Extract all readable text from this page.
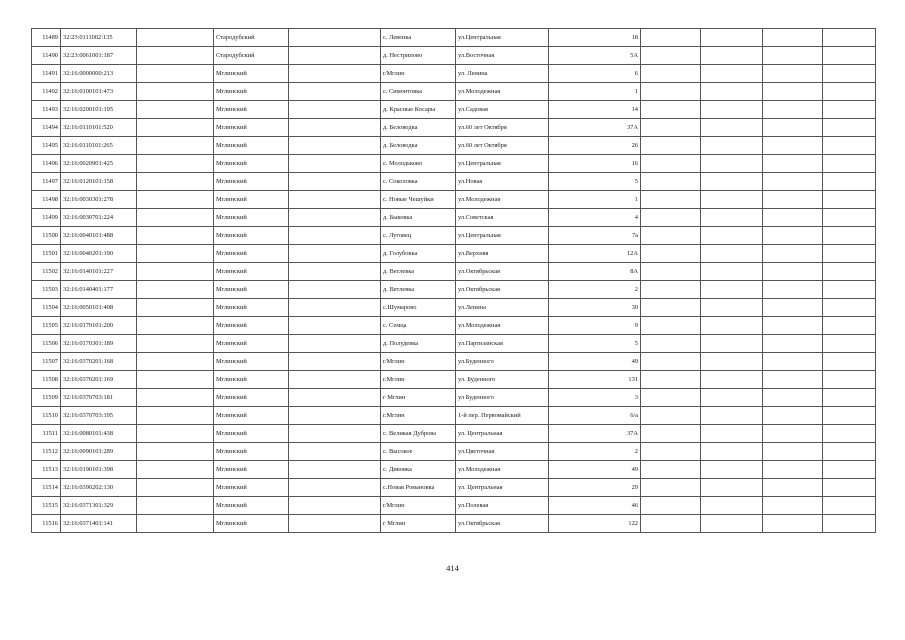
11489	32:23:0111002:135		Стародубский		с. Левенка	ул.Центральная	18				
11490	32:23:0061001:187		Стародубский		д. Нестрипово	ул.Восточная	5А				
11491	32:16:0000000:213		Мглинский		г.Мглин	ул. Ленина	6				
11492	32:16:0100101:473		Мглинский		с. Симонтовка	ул.Молодежная	1				
11493	32:16:0200101:195		Мглинский		д. Красные Косары	ул.Садовая	14				
11494	32:16:0110101:520		Мглинский		д. Беловодка	ул.60 лет Октября	37А				
11495	32:16:0110101:265		Мглинский		д. Беловодка	ул.60 лет Октября	26				
11496	32:16:0020901:425		Мглинский		с. Молодьково	ул.Центральная	16				
11497	32:16:0120101:158		Мглинский		с. Соколовка	ул.Новая	5				
11498	32:16:0030301:278		Мглинский		с. Новые Чешуйки	ул.Молодежная	1				
11499	32:16:0030701:224		Мглинский		д. Быковка	ул.Советская	4				
11500	32:16:0040101:488		Мглинский		с. Луговец	ул.Центральная	7а				
11501	32:16:0040201:190		Мглинский		д. Голубовка	ул.Верхняя	12А				
11502	32:16:0140101:227		Мглинский		д. Ветлевка	ул.Октябрьская	8А				
11503	32:16:0140401:177		Мглинский		д. Ветлевка	ул.Октябрьская	2				
11504	32:16:0050101:408		Мглинский		с.Шумарово	ул.Ленина	30				
11505	32:16:0170101:200		Мглинский		с. Семца	ул.Молодежная	9				
11506	32:16:0170301:189		Мглинский		д. Полудевка	ул.Партизанская	5				
11507	32:16:0370201:168		Мглинский		г.Мглин	ул.Буденного	49				
11508	32:16:0370201:169		Мглинский		г.Мглин	ул. Буденного	131				
11509	32:16:0370703:181		Мглинский		г Мглин	ул Буденного	3				
11510	32:16:0370703:195		Мглинский		г.Мглин	1-й пер. Первомайский	6/а				
11511	32:16:0080101:438		Мглинский		с. Великая Дуброва	ул. Центральная	37А				
11512	32:16:0090101:289		Мглинский		с. Высокое	ул.Цветочная	2				
11513	32:16:0190101:398		Мглинский		с. Дивовка	ул.Молодежная	49				
11514	32:16:0390202:130		Мглинский		с.Новая Романовка	ул. Центральная	29				
11515	32:16:0371301:329		Мглинский		г.Мглин	ул.Полевая	46				
11516	32:16:0371401:141		Мглинский		г Мглин	ул.Октябрьская	122				
414
